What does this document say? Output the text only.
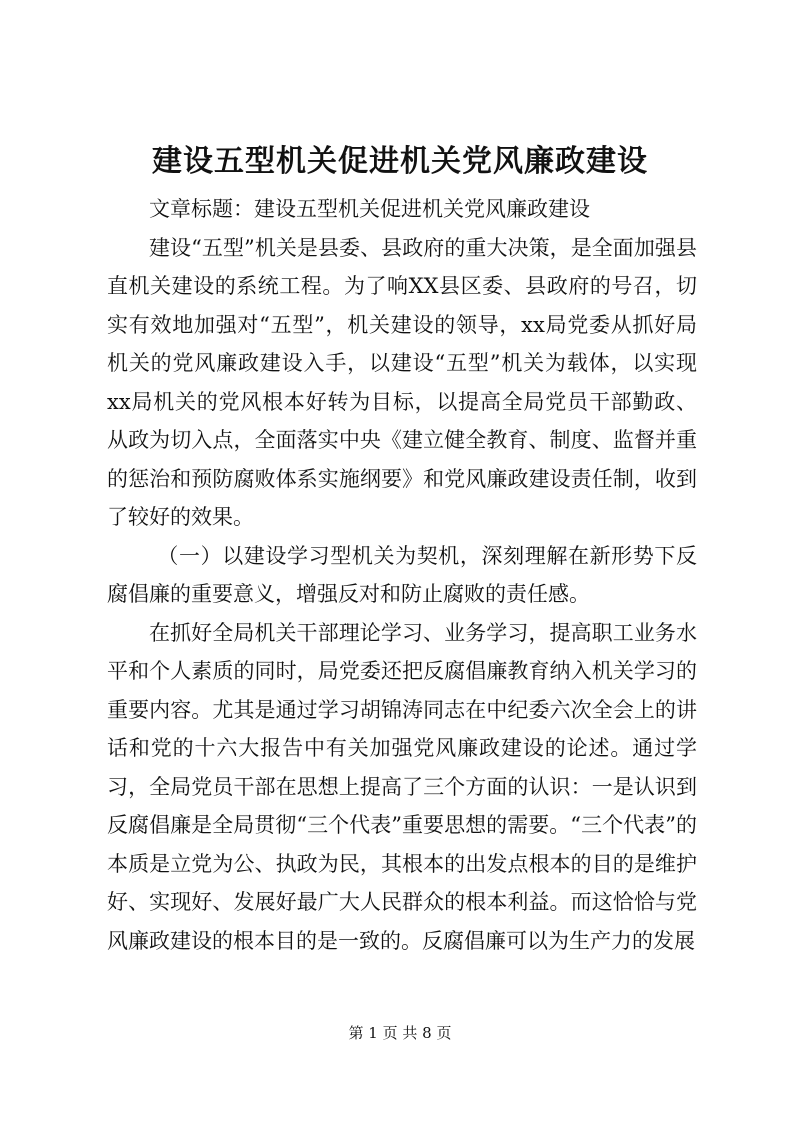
建设五型机关促进机关党风廉政建设

文章标题：建设五型机关促进机关党风廉政建设

建设“五型”机关是县委、县政府的重大决策，是全面加强县直机关建设的系统工程。为了响XX县区委、县政府的号召，切实有效地加强对“五型”，机关建设的领导，xx局党委从抓好局机关的党风廉政建设入手，以建设“五型”机关为载体，以实现xx局机关的党风根本好转为目标，以提高全局党员干部勤政、从政为切入点，全面落实中央《建立健全教育、制度、监督并重的惩治和预防腐败体系实施纲要》和党风廉政建设责任制，收到了较好的效果。

（一）以建设学习型机关为契机，深刻理解在新形势下反腐倡廉的重要意义，增强反对和防止腐败的责任感。

在抓好全局机关干部理论学习、业务学习，提高职工业务水平和个人素质的同时，局党委还把反腐倡廉教育纳入机关学习的重要内容。尤其是通过学习胡锦涛同志在中纪委六次全会上的讲话和党的十六大报告中有关加强党风廉政建设的论述。通过学习，全局党员干部在思想上提高了三个方面的认识：一是认识到反腐倡廉是全局贯彻“三个代表”重要思想的需要。“三个代表”的本质是立党为公、执政为民，其根本的出发点根本的目的是维护好、实现好、发展好最广大人民群众的根本利益。而这恰恰与党风廉政建设的根本目的是一致的。反腐倡廉可以为生产力的发展

第 1 页 共 8 页
